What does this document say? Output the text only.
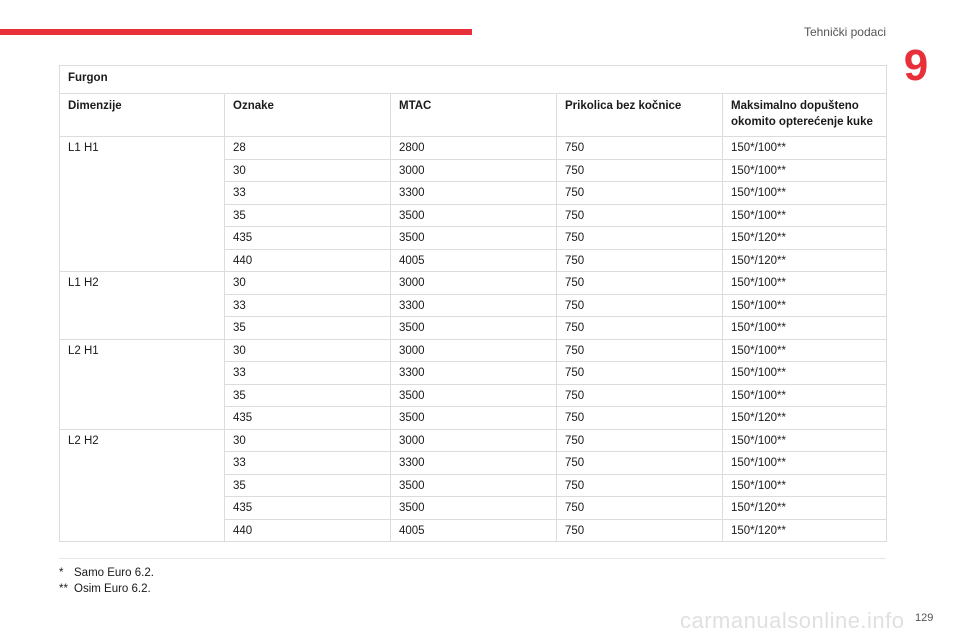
Tehnički podaci
9
Furgon				
Dimenzije	Oznake	MTAC	Prikolica bez kočnice	Maksimalno dopušteno okomito opterećenje kuke
L1 H1	28	2800	750	150*/100**
	30	3000	750	150*/100**
	33	3300	750	150*/100**
	35	3500	750	150*/100**
	435	3500	750	150*/120**
	440	4005	750	150*/120**
L1 H2	30	3000	750	150*/100**
	33	3300	750	150*/100**
	35	3500	750	150*/100**
L2 H1	30	3000	750	150*/100**
	33	3300	750	150*/100**
	35	3500	750	150*/100**
	435	3500	750	150*/120**
L2 H2	30	3000	750	150*/100**
	33	3300	750	150*/100**
	35	3500	750	150*/100**
	435	3500	750	150*/120**
	440	4005	750	150*/120**
* Samo Euro 6.2.
** Osim Euro 6.2.
carmanualsonline.info 129
